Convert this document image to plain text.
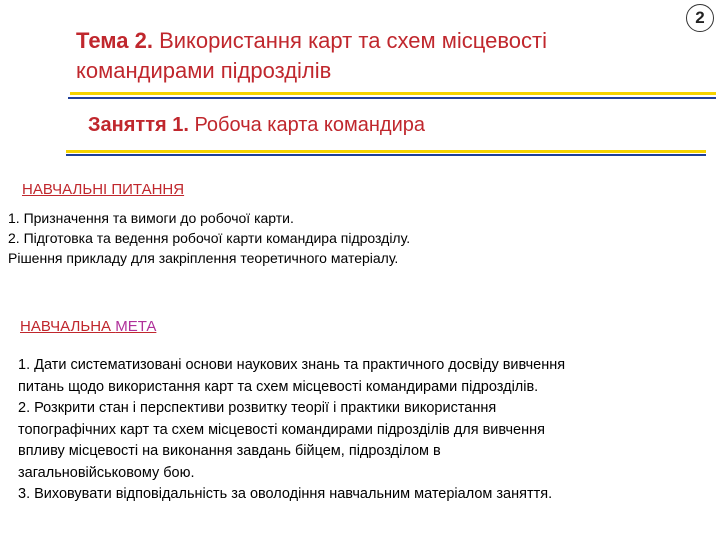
2
Тема 2. Використання карт та схем місцевості командирами підрозділів
Заняття 1. Робоча карта командира
НАВЧАЛЬНІ ПИТАННЯ
1. Призначення та вимоги до робочої карти.
2. Підготовка та ведення робочої карти командира підрозділу.
Рішення прикладу для закріплення теоретичного матеріалу.
НАВЧАЛЬНА МЕТА
1. Дати систематизовані основи наукових знань та практичного досвіду вивчення
питань щодо використання карт та схем місцевості командирами підрозділів.
2. Розкрити стан і перспективи розвитку теорії і практики використання
топографічних карт та схем місцевості командирами підрозділів для вивчення
впливу місцевості на виконання завдань бійцем, підрозділом в
загальновійськовому бою.
3. Виховувати відповідальність за оволодіння навчальним матеріалом заняття.
